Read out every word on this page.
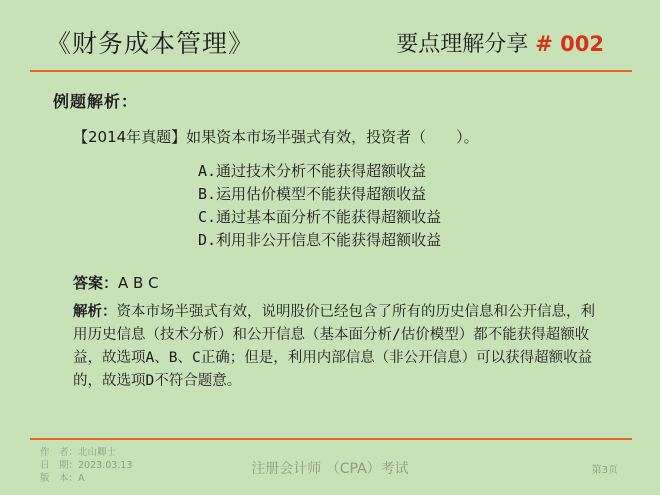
《财务成本管理》	要点理解分享 # 002
例题解析：
【2014年真题】如果资本市场半强式有效，投资者（　　）。
A.通过技术分析不能获得超额收益
B.运用估价模型不能获得超额收益
C.通过基本面分析不能获得超额收益
D.利用非公开信息不能获得超额收益
答案：A B C
解析：资本市场半强式有效，说明股价已经包含了所有的历史信息和公开信息，利用历史信息（技术分析）和公开信息（基本面分析/估价模型）都不能获得超额收益，故选项A、B、C正确；但是，利用内部信息（非公开信息）可以获得超额收益的，故选项D不符合题意。
作　者：北山卿士
日　期：2023.03.13
版　本：A
注册会计师 （CPA）考试	第3页
